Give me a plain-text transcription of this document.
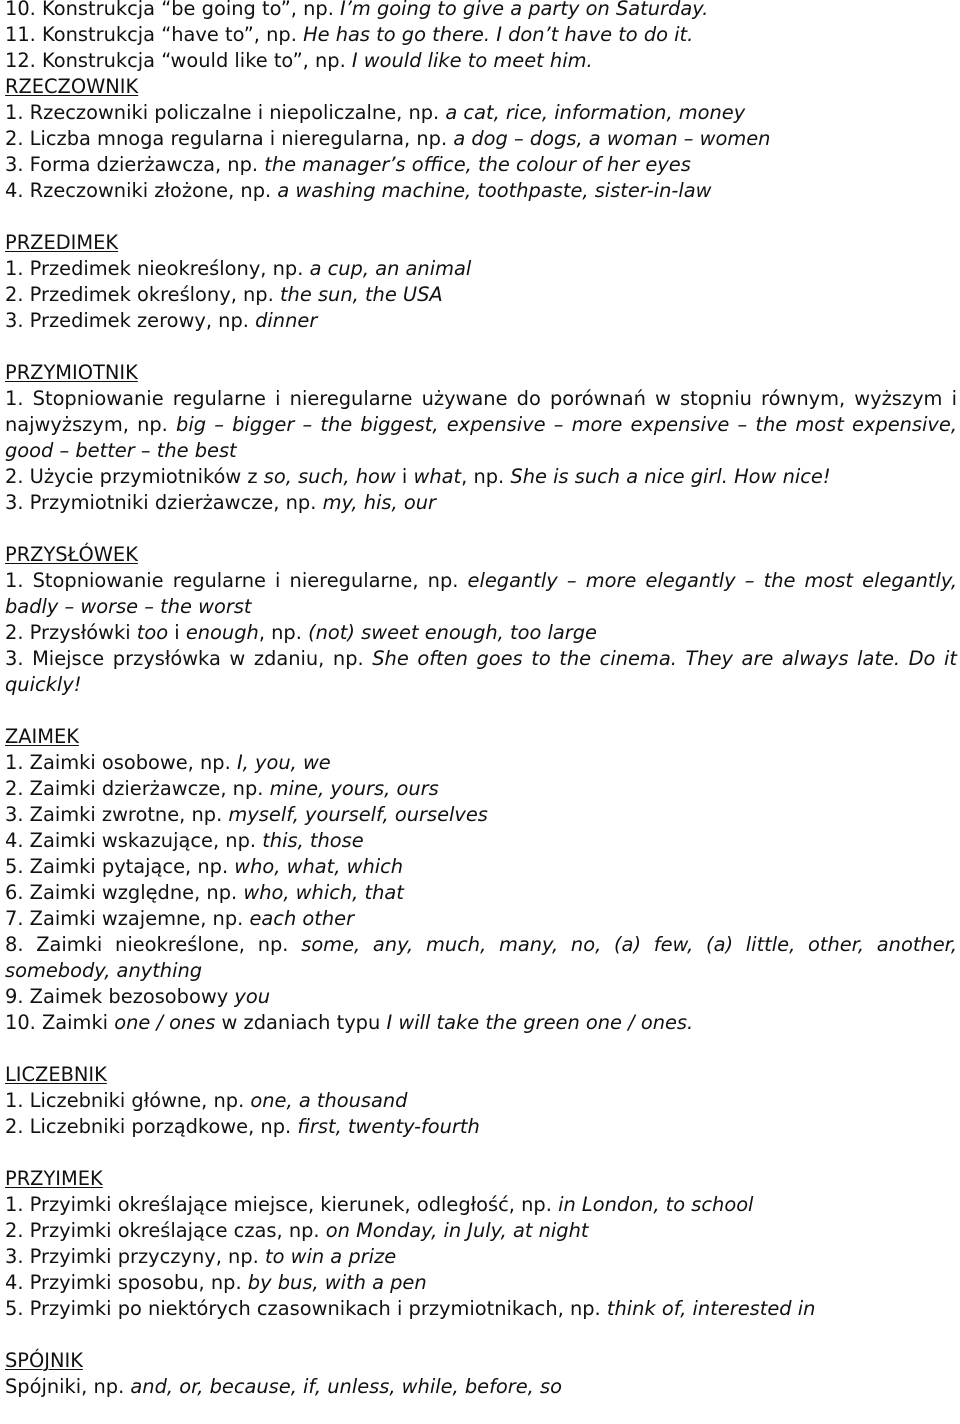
10. Konstrukcja “be going to”, np. I’m going to give a party on Saturday.
11. Konstrukcja “have to”, np. He has to go there. I don’t have to do it.
12. Konstrukcja “would like to”, np. I would like to meet him.
RZECZOWNIK
1. Rzeczowniki policzalne i niepoliczalne, np. a cat, rice, information, money
2. Liczba mnoga regularna i nieregularna, np. a dog – dogs, a woman – women
3. Forma dzierżawcza, np. the manager’s office, the colour of her eyes
4. Rzeczowniki złożone, np. a washing machine, toothpaste, sister-in-law
PRZEDIMEK
1. Przedimek nieokreślony, np. a cup, an animal
2. Przedimek określony, np. the sun, the USA
3. Przedimek zerowy, np. dinner
PRZYMIOTNIK
1. Stopniowanie regularne i nieregularne używane do porównań w stopniu równym, wyższym i najwyższym, np. big – bigger – the biggest, expensive – more expensive – the most expensive, good – better – the best
2. Użycie przymiotników z so, such, how i what, np. She is such a nice girl. How nice!
3. Przymiotniki dzierżawcze, np. my, his, our
PRZYSŁÓWEK
1. Stopniowanie regularne i nieregularne, np. elegantly – more elegantly – the most elegantly, badly – worse – the worst
2. Przysłówki too i enough, np. (not) sweet enough, too large
3. Miejsce przysłówka w zdaniu, np. She often goes to the cinema. They are always late. Do it quickly!
ZAIMEK
1. Zaimki osobowe, np. I, you, we
2. Zaimki dzierżawcze, np. mine, yours, ours
3. Zaimki zwrotne, np. myself, yourself, ourselves
4. Zaimki wskazujące, np. this, those
5. Zaimki pytające, np. who, what, which
6. Zaimki względne, np. who, which, that
7. Zaimki wzajemne, np. each other
8. Zaimki nieokreślone, np. some, any, much, many, no, (a) few, (a) little, other, another, somebody, anything
9. Zaimek bezosobowy you
10. Zaimki one / ones w zdaniach typu I will take the green one / ones.
LICZEBNIK
1. Liczebniki główne, np. one, a thousand
2. Liczebniki porządkowe, np. first, twenty-fourth
PRZYIMEK
1. Przyimki określające miejsce, kierunek, odległość, np. in London, to school
2. Przyimki określające czas, np. on Monday, in July, at night
3. Przyimki przyczyny, np. to win a prize
4. Przyimki sposobu, np. by bus, with a pen
5. Przyimki po niektórych czasownikach i przymiotnikach, np. think of, interested in
SPÓJNIK
Spójniki, np. and, or, because, if, unless, while, before, so
